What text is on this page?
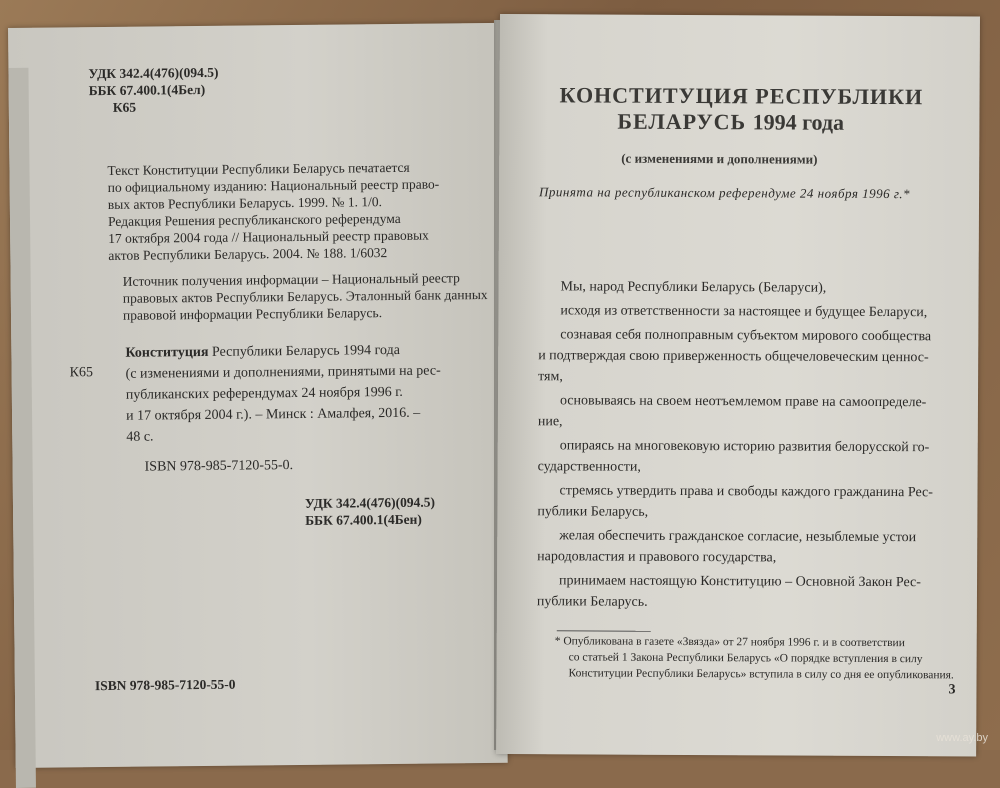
УДК 342.4(476)(094.5)
ББК 67.400.1(4Бел)
К65
Текст Конституции Республики Беларусь печатается
по официальному изданию: Национальный реестр право-
вых актов Республики Беларусь. 1999. № 1. 1/0.
Редакция Решения республиканского референдума
17 октября 2004 года // Национальный реестр правовых
актов Республики Беларусь. 2004. № 188. 1/6032
Источник получения информации – Национальный реестр
правовых актов Республики Беларусь. Эталонный банк данных
правовой информации Республики Беларусь.
К65
Конституция Республики Беларусь 1994 года
(с изменениями и дополнениями, принятыми на рес-
публиканских референдумах 24 ноября 1996 г.
и 17 октября 2004 г.). – Минск : Амалфея, 2016. –
48 с.
ISBN 978-985-7120-55-0.
УДК 342.4(476)(094.5)
ББК 67.400.1(4Бен)
ISBN 978-985-7120-55-0
КОНСТИТУЦИЯ РЕСПУБЛИКИ
БЕЛАРУСЬ 1994 года
(с изменениями и дополнениями)
Принята на республиканском референдуме 24 ноября 1996 г.*
Мы, народ Республики Беларусь (Беларуси),
исходя из ответственности за настоящее и будущее Беларуси,
сознавая себя полноправным субъектом мирового сообщества
и подтверждая свою приверженность общечеловеческим ценнос-
тям,
основываясь на своем неотъемлемом праве на самоопределе-
ние,
опираясь на многовековую историю развития белорусской го-
сударственности,
стремясь утвердить права и свободы каждого гражданина Рес-
публики Беларусь,
желая обеспечить гражданское согласие, незыблемые устои
народовластия и правового государства,
принимаем настоящую Конституцию – Основной Закон Рес-
публики Беларусь.
* Опубликована в газете «Звязда» от 27 ноября 1996 г. и в соответствии
со статьей 1 Закона Республики Беларусь «О порядке вступления в силу
Конституции Республики Беларусь» вступила в силу со дня ее опубликования.
3
www.ay.by
